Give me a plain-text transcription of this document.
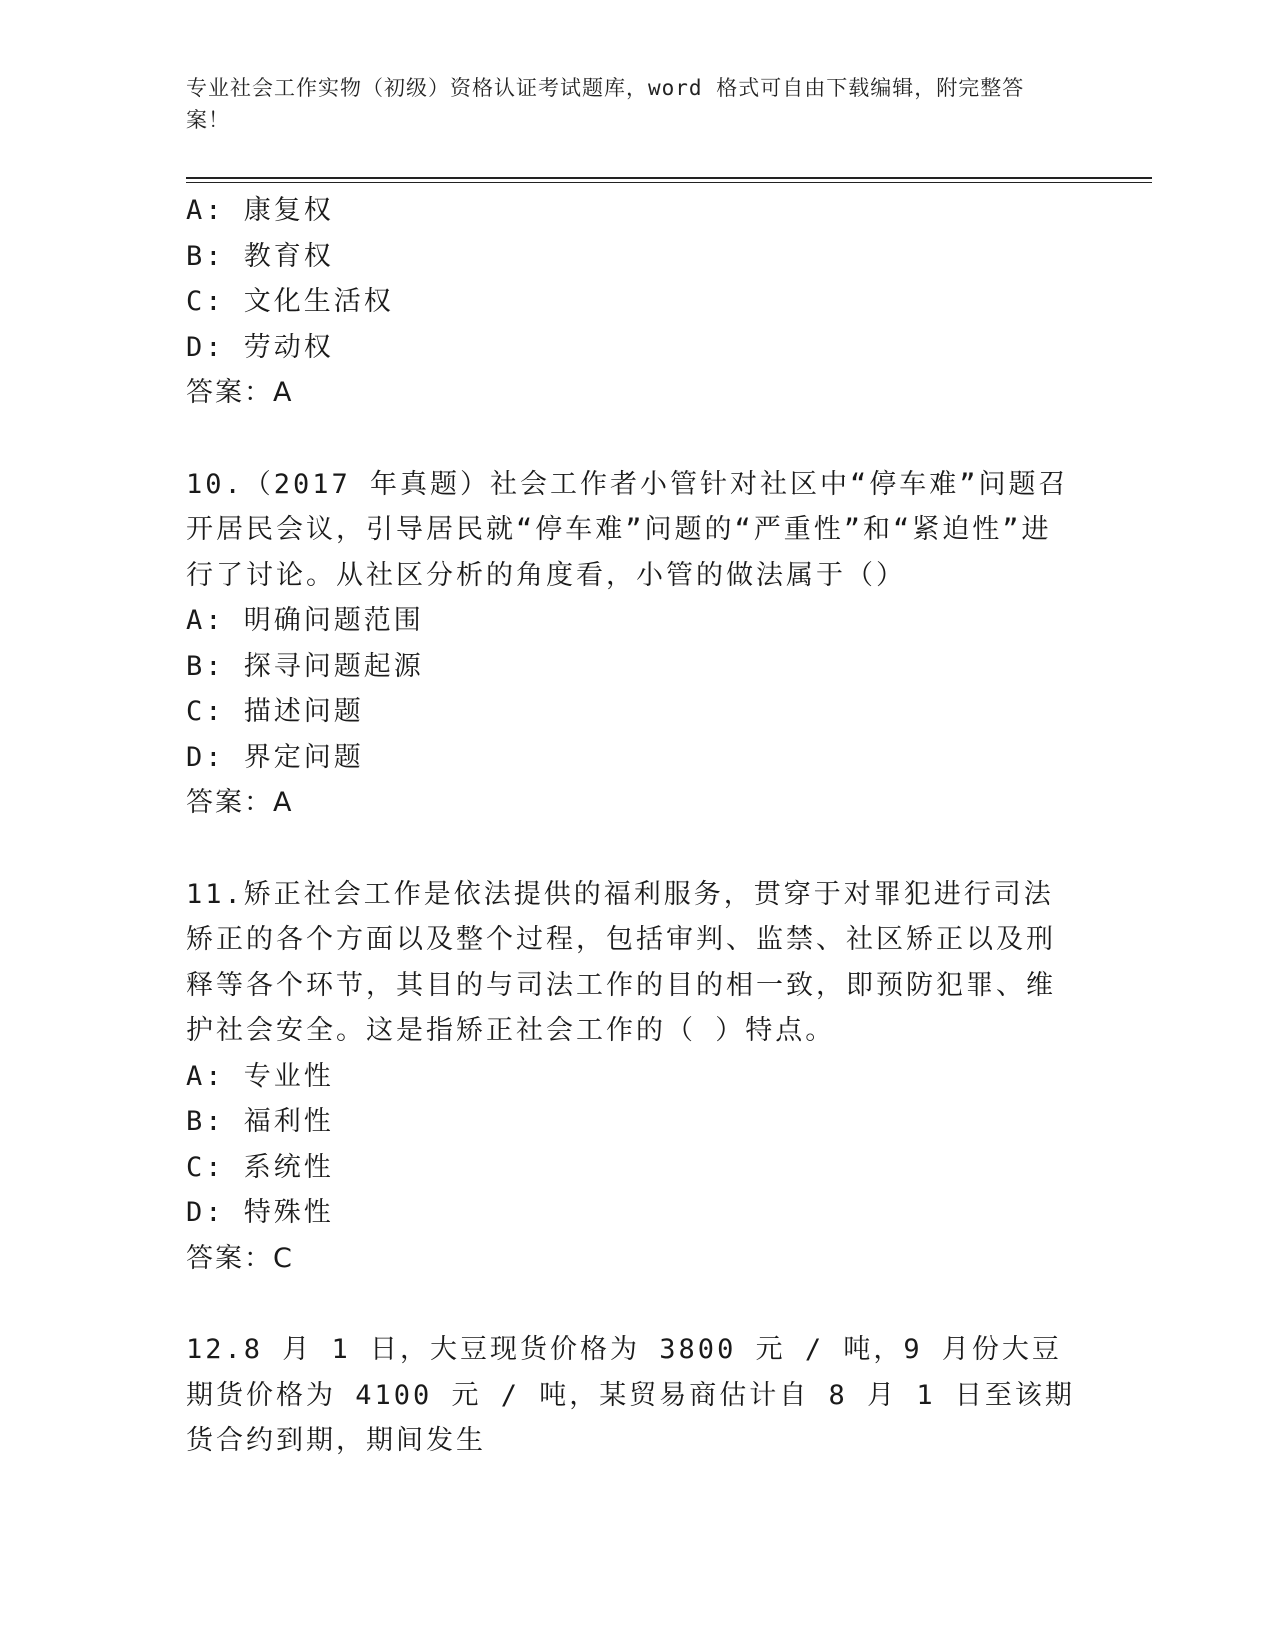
专业社会工作实物（初级）资格认证考试题库，word 格式可自由下载编辑，附完整答案！
A: 康复权
B: 教育权
C: 文化生活权
D: 劳动权
答案：A
10.（2017 年真题）社会工作者小管针对社区中“停车难”问题召开居民会议，引导居民就“停车难”问题的“严重性”和“紧迫性”进行了讨论。从社区分析的角度看，小管的做法属于（）
A: 明确问题范围
B: 探寻问题起源
C: 描述问题
D: 界定问题
答案：A
11.矫正社会工作是依法提供的福利服务，贯穿于对罪犯进行司法矫正的各个方面以及整个过程，包括审判、监禁、社区矫正以及刑释等各个环节，其目的与司法工作的目的相一致，即预防犯罪、维护社会安全。这是指矫正社会工作的（ ）特点。
A: 专业性
B: 福利性
C: 系统性
D: 特殊性
答案：C
12.8 月 1 日，大豆现货价格为 3800 元 / 吨，9 月份大豆期货价格为 4100 元 / 吨，某贸易商估计自 8 月 1 日至该期货合约到期，期间发生
